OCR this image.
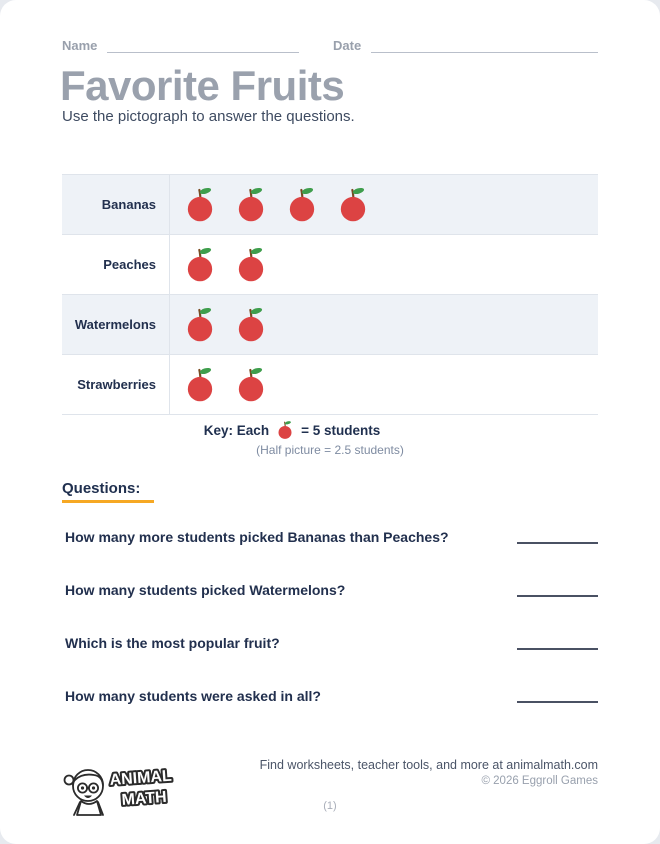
Name	Date
Favorite Fruits
Use the pictograph to answer the questions.
Bananas
Peaches
Watermelons
Strawberries
Key: Each = 5 students
(Half picture = 2.5 students)
Questions:
How many more students picked Bananas than Peaches?
How many students picked Watermelons?
Which is the most popular fruit?
How many students were asked in all?
ANIMAL
MATH
Find worksheets, teacher tools, and more at animalmath.com
© 2026 Eggroll Games
(1)
